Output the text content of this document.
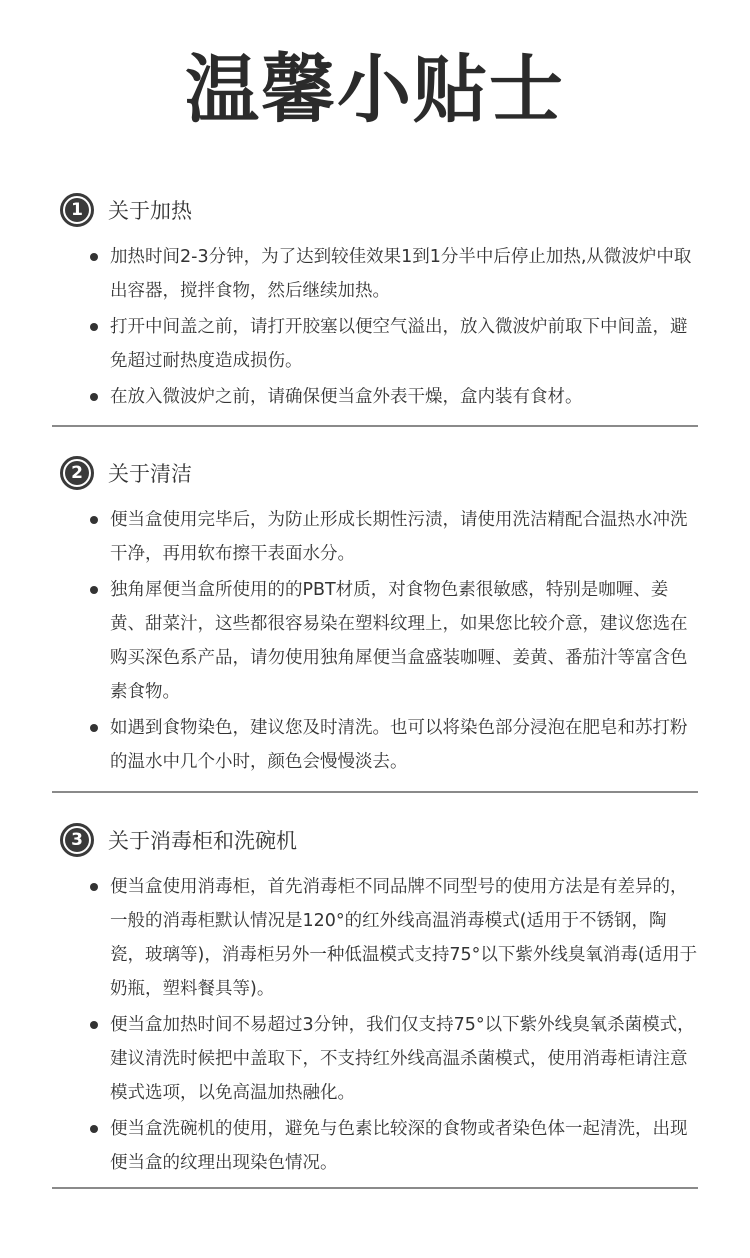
温馨小贴士
1 关于加热
加热时间2-3分钟，为了达到较佳效果1到1分半中后停止加热,从微波炉中取出容器，搅拌食物，然后继续加热。
打开中间盖之前，请打开胶塞以便空气溢出，放入微波炉前取下中间盖，避免超过耐热度造成损伤。
在放入微波炉之前，请确保便当盒外表干燥，盒内装有食材。
2 关于清洁
便当盒使用完毕后，为防止形成长期性污渍，请使用洗洁精配合温热水冲洗干净，再用软布擦干表面水分。
独角犀便当盒所使用的的PBT材质，对食物色素很敏感，特别是咖喱、姜黄、甜菜汁，这些都很容易染在塑料纹理上，如果您比较介意，建议您选在购买深色系产品，请勿使用独角犀便当盒盛装咖喱、姜黄、番茄汁等富含色素食物。
如遇到食物染色，建议您及时清洗。也可以将染色部分浸泡在肥皂和苏打粉的温水中几个小时，颜色会慢慢淡去。
3 关于消毒柜和洗碗机
便当盒使用消毒柜，首先消毒柜不同品牌不同型号的使用方法是有差异的，一般的消毒柜默认情况是120°的红外线高温消毒模式(适用于不锈钢，陶瓷，玻璃等)，消毒柜另外一种低温模式支持75°以下紫外线臭氧消毒(适用于奶瓶，塑料餐具等)。
便当盒加热时间不易超过3分钟，我们仅支持75°以下紫外线臭氧杀菌模式，建议清洗时候把中盖取下，不支持红外线高温杀菌模式，使用消毒柜请注意模式选项，以免高温加热融化。
便当盒洗碗机的使用，避免与色素比较深的食物或者染色体一起清洗，出现便当盒的纹理出现染色情况。
